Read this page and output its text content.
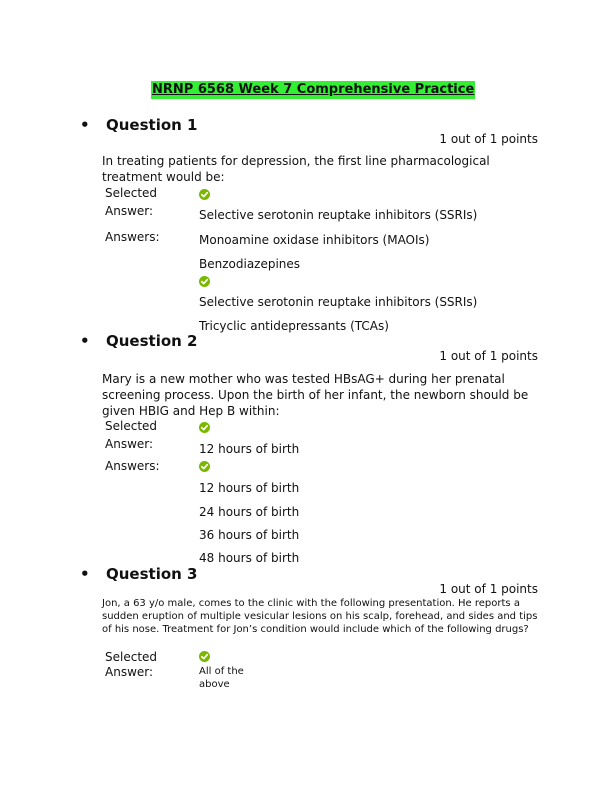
NRNP 6568 Week 7 Comprehensive Practice
• Question 1
1 out of 1 points
In treating patients for depression, the first line pharmacological treatment would be:
Selected
Answer:	Selective serotonin reuptake inhibitors (SSRIs)
Answers:	Monoamine oxidase inhibitors (MAOIs)
Benzodiazepines
Selective serotonin reuptake inhibitors (SSRIs)
Tricyclic antidepressants (TCAs)
• Question 2
1 out of 1 points
Mary is a new mother who was tested HBsAG+ during her prenatal screening process. Upon the birth of her infant, the newborn should be given HBIG and Hep B within:
Selected
Answer:	12 hours of birth
Answers:
12 hours of birth
24 hours of birth
36 hours of birth
48 hours of birth
• Question 3
1 out of 1 points
Jon, a 63 y/o male, comes to the clinic with the following presentation. He reports a sudden eruption of multiple vesicular lesions on his scalp, forehead, and sides and tips of his nose. Treatment for Jon’s condition would include which of the following drugs?
Selected
Answer:	All of the
above
